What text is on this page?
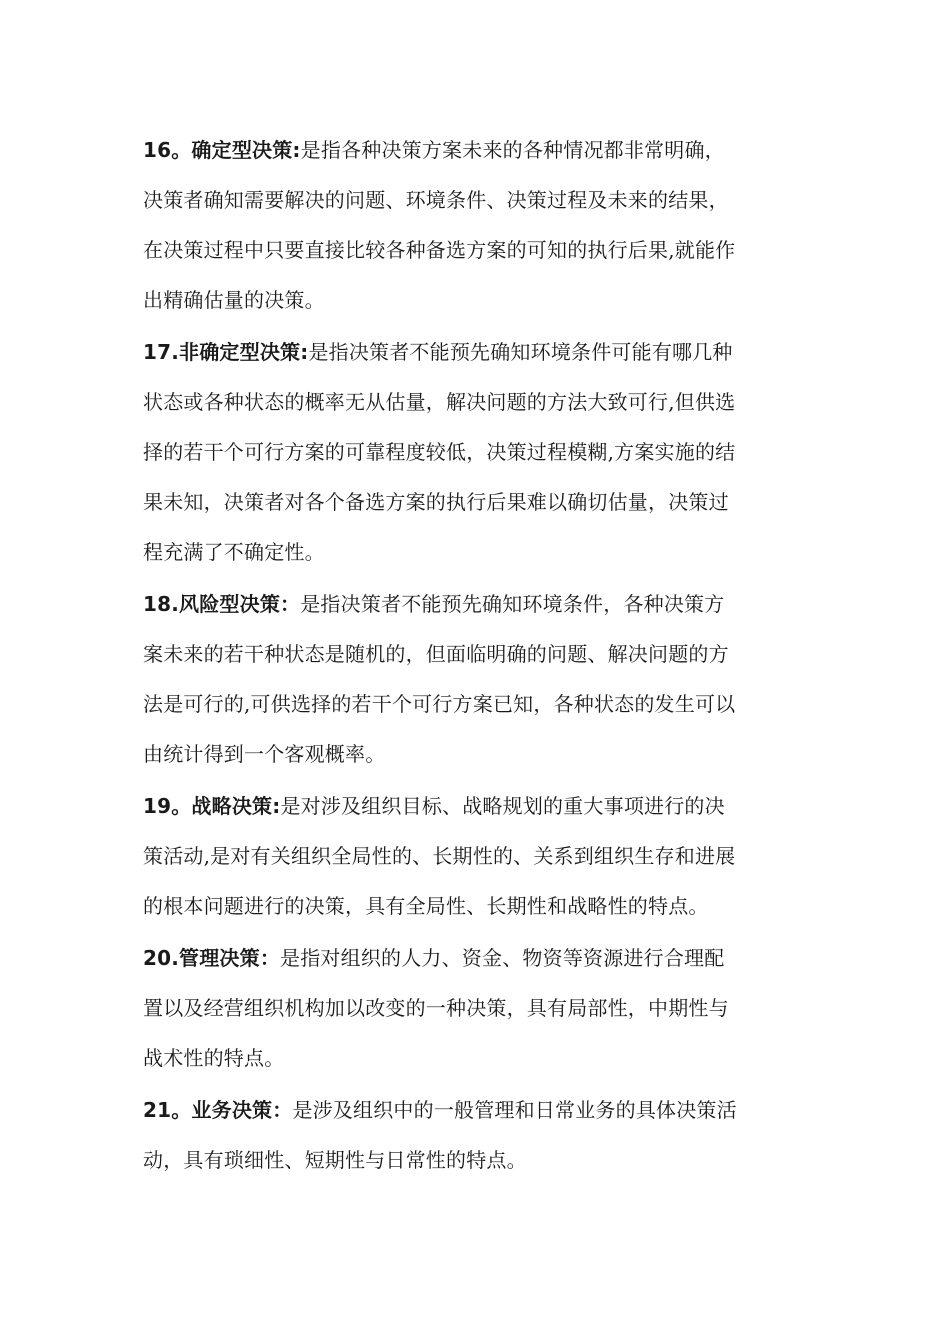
16。确定型决策:是指各种决策方案未来的各种情况都非常明确，
决策者确知需要解决的问题、环境条件、决策过程及未来的结果，
在决策过程中只要直接比较各种备选方案的可知的执行后果,就能作
出精确估量的决策。
17.非确定型决策:是指决策者不能预先确知环境条件可能有哪几种
状态或各种状态的概率无从估量，解决问题的方法大致可行,但供选
择的若干个可行方案的可靠程度较低，决策过程模糊,方案实施的结
果未知，决策者对各个备选方案的执行后果难以确切估量，决策过
程充满了不确定性。
18.风险型决策：是指决策者不能预先确知环境条件，各种决策方
案未来的若干种状态是随机的，但面临明确的问题、解决问题的方
法是可行的,可供选择的若干个可行方案已知，各种状态的发生可以
由统计得到一个客观概率。
19。战略决策:是对涉及组织目标、战略规划的重大事项进行的决
策活动,是对有关组织全局性的、长期性的、关系到组织生存和进展
的根本问题进行的决策，具有全局性、长期性和战略性的特点。
20.管理决策：是指对组织的人力、资金、物资等资源进行合理配
置以及经营组织机构加以改变的一种决策，具有局部性，中期性与
战术性的特点。
21。业务决策：是涉及组织中的一般管理和日常业务的具体决策活
动，具有琐细性、短期性与日常性的特点。
